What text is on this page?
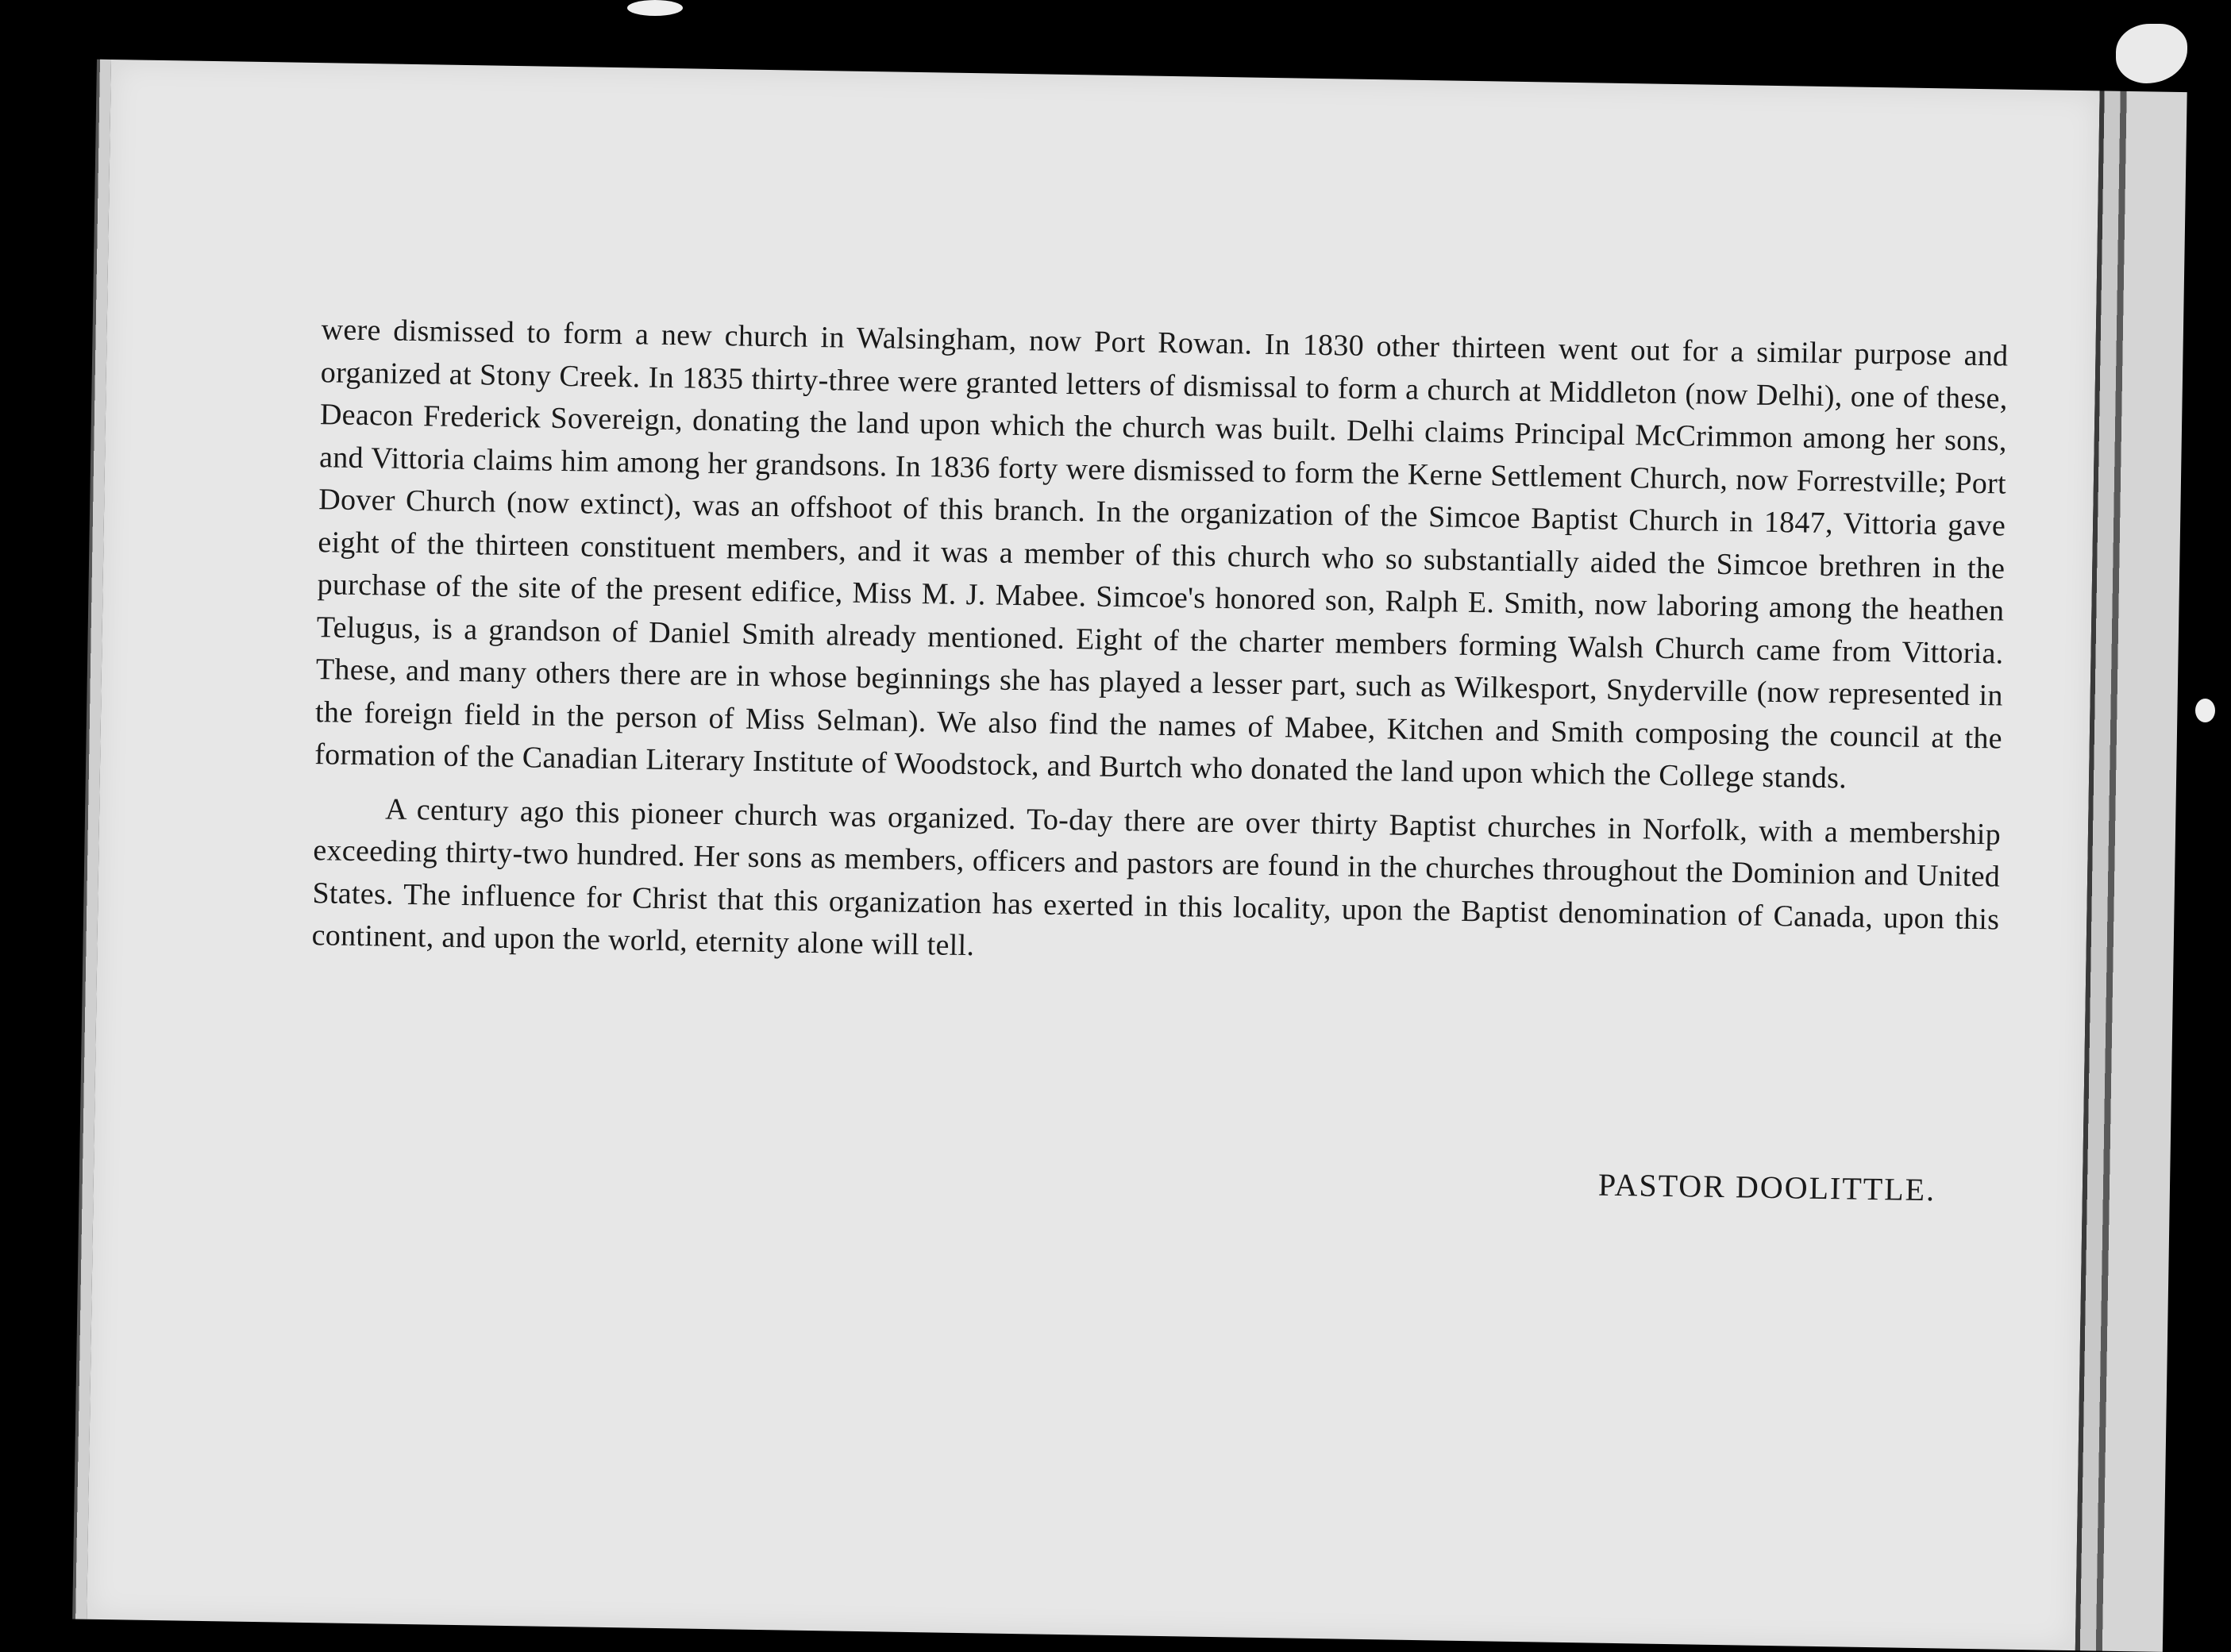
were dismissed to form a new church in Walsingham, now Port Rowan. In 1830 other thirteen went out for a similar purpose and organized at Stony Creek. In 1835 thirty-three were granted letters of dismissal to form a church at Middleton (now Delhi), one of these, Deacon Frederick Sovereign, donating the land upon which the church was built. Delhi claims Principal McCrimmon among her sons, and Vittoria claims him among her grandsons. In 1836 forty were dismissed to form the Kerne Settlement Church, now Forrestville; Port Dover Church (now extinct), was an offshoot of this branch. In the organization of the Simcoe Baptist Church in 1847, Vittoria gave eight of the thirteen constituent members, and it was a member of this church who so substantially aided the Simcoe brethren in the purchase of the site of the present edifice, Miss M. J. Mabee. Simcoe's honored son, Ralph E. Smith, now laboring among the heathen Telugus, is a grandson of Daniel Smith already mentioned. Eight of the charter members forming Walsh Church came from Vittoria. These, and many others there are in whose beginnings she has played a lesser part, such as Wilkesport, Snyderville (now represented in the foreign field in the person of Miss Selman). We also find the names of Mabee, Kitchen and Smith composing the council at the formation of the Canadian Literary Institute of Woodstock, and Burtch who donated the land upon which the College stands.

A century ago this pioneer church was organized. To-day there are over thirty Baptist churches in Norfolk, with a membership exceeding thirty-two hundred. Her sons as members, officers and pastors are found in the churches throughout the Dominion and United States. The influence for Christ that this organization has exerted in this locality, upon the Baptist denomination of Canada, upon this continent, and upon the world, eternity alone will tell.

PASTOR DOOLITTLE.
